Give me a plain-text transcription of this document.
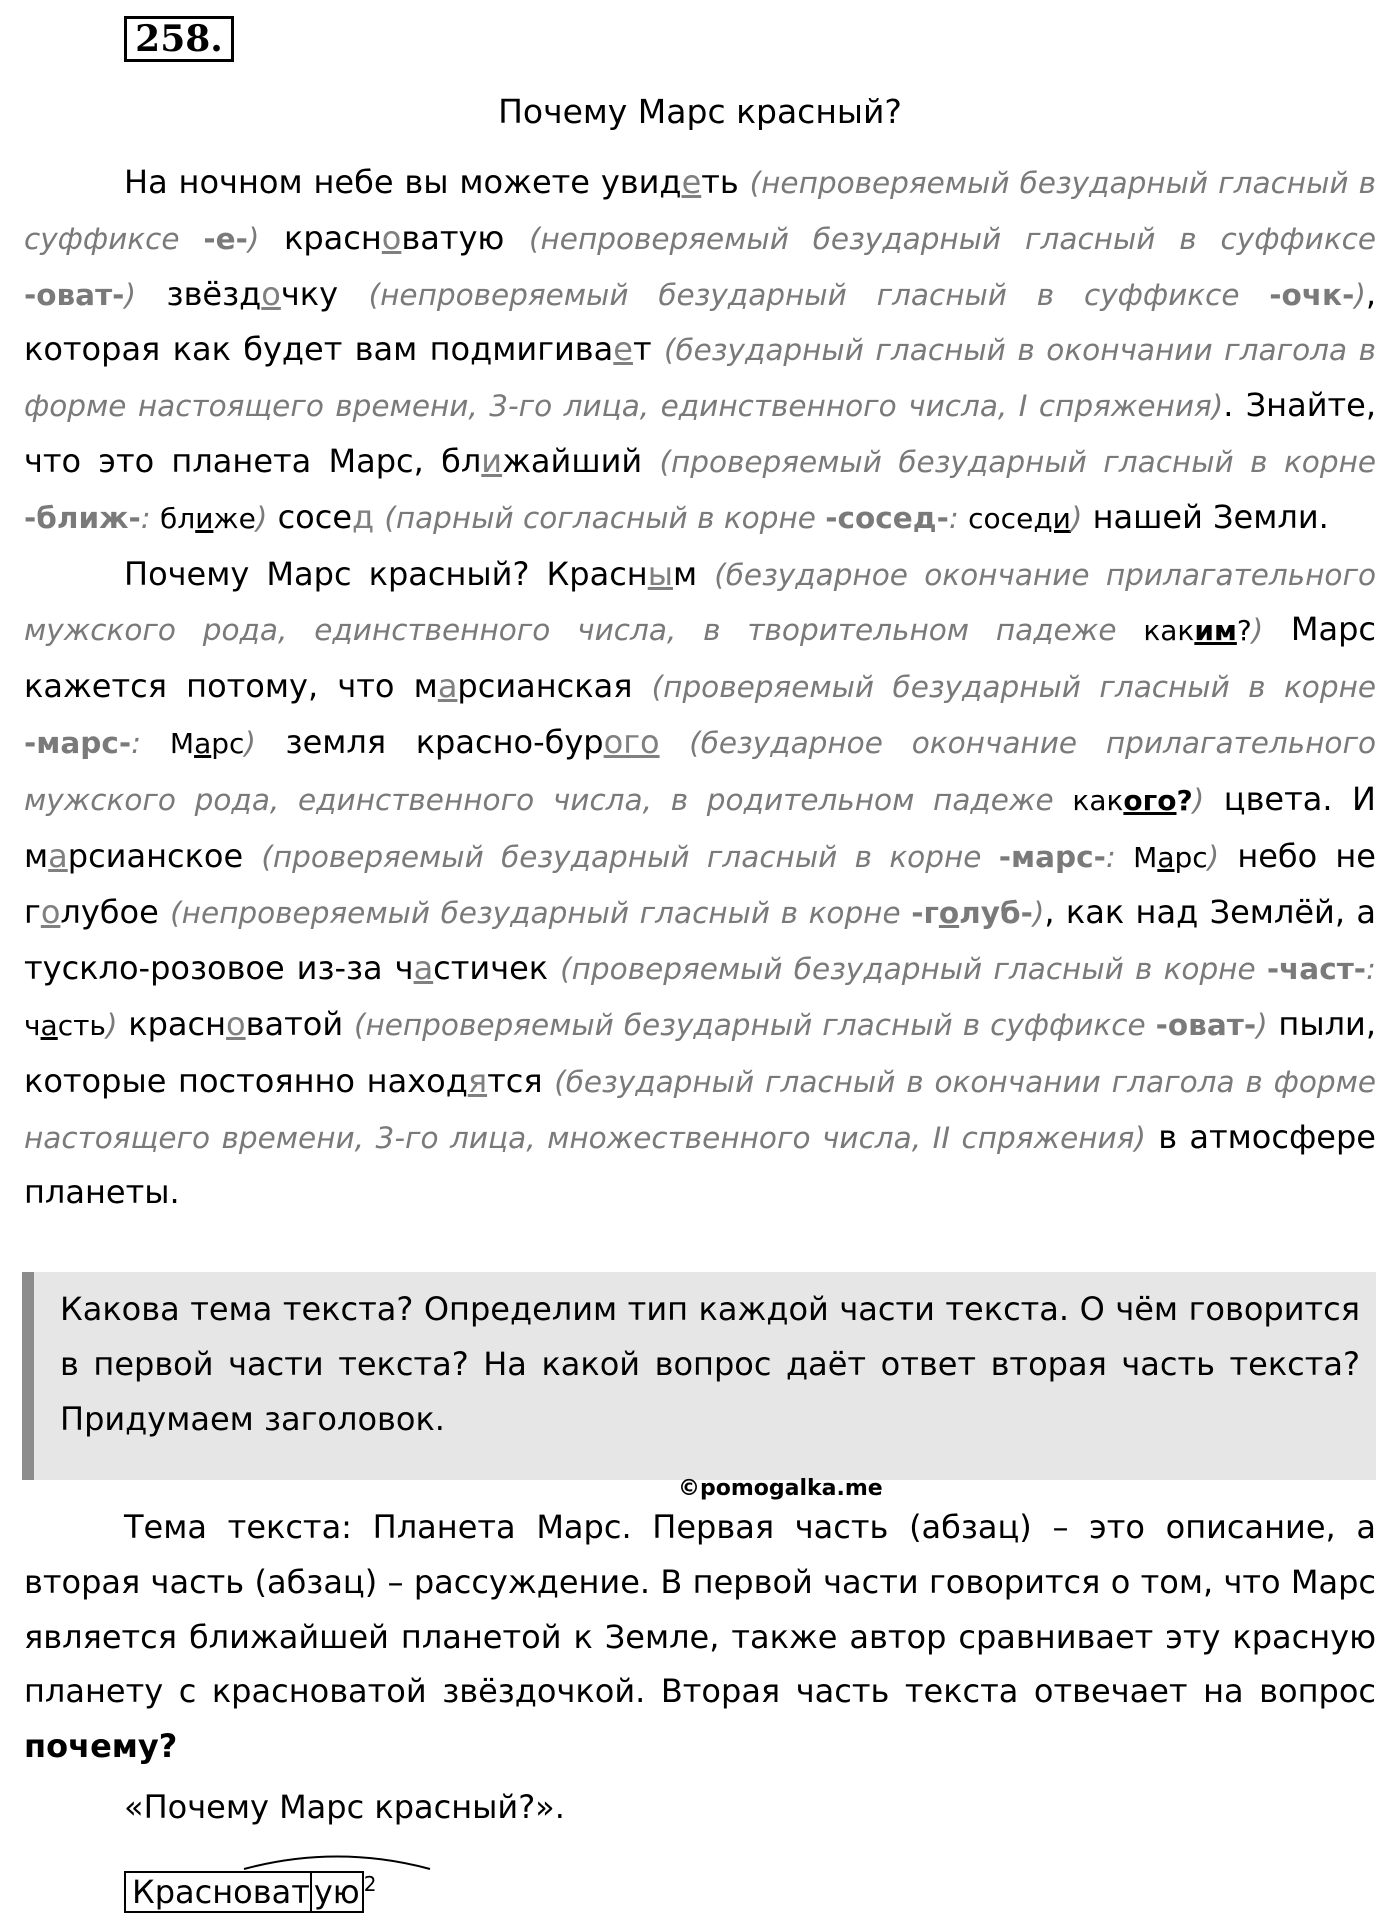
258.
Почему Марс красный?

На ночном небе вы можете увидеть (непроверяемый безударный гласный в суффиксе -е-) красноватую (непроверяемый безударный гласный в суффиксе -оват-) звёздочку (непроверяемый безударный гласный в суффиксе -очк-), которая как будет вам подмигивает (безударный гласный в окончании глагола в форме настоящего времени, 3-го лица, единственного числа, I спряжения). Знайте, что это планета Марс, ближайший (проверяемый безударный гласный в корне -ближ-: ближе) сосед (парный согласный в корне -сосед-: соседи) нашей Земли.

Почему Марс красный? Красным (безударное окончание прилагательного мужского рода, единственного числа, в творительном падеже каким?) Марс кажется потому, что марсианская (проверяемый безударный гласный в корне -марс-: Марс) земля красно-бурого (безударное окончание прилагательного мужского рода, единственного числа, в родительном падеже какого?) цвета. И марсианское (проверяемый безударный гласный в корне -марс-: Марс) небо не голубое (непроверяемый безударный гласный в корне -голуб-), как над Землёй, а тускло-розовое из-за частичек (проверяемый безударный гласный в корне -част-: часть) красноватой (непроверяемый безударный гласный в суффиксе -оват-) пыли, которые постоянно находятся (безударный гласный в окончании глагола в форме настоящего времени, 3-го лица, множественного числа, II спряжения) в атмосфере планеты.

Какова тема текста? Определим тип каждой части текста. О чём говорится в первой части текста? На какой вопрос даёт ответ вторая часть текста? Придумаем заголовок.
©pomogalka.me

Тема текста: Планета Марс. Первая часть (абзац) – это описание, а вторая часть (абзац) – рассуждение. В первой части говорится о том, что Марс является ближайшей планетой к Земле, также автор сравнивает эту красную планету с красноватой звёздочкой. Вторая часть текста отвечает на вопрос почему?

«Почему Марс красный?».
Красноват ую $^2$
